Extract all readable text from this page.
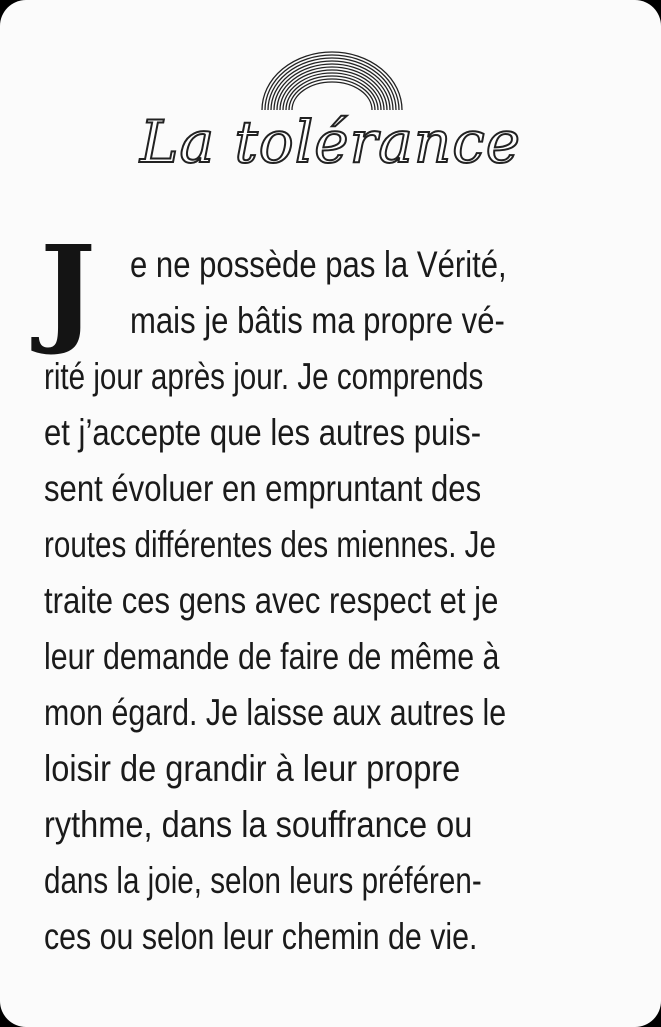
La tolérance
J e ne possède pas la Vérité,
mais je bâtis ma propre vé-
rité jour après jour. Je comprends
et j’accepte que les autres puis-
sent évoluer en empruntant des
routes différentes des miennes. Je
traite ces gens avec respect et je
leur demande de faire de même à
mon égard. Je laisse aux autres le
loisir de grandir à leur propre
rythme, dans la souffrance ou
dans la joie, selon leurs préféren-
ces ou selon leur chemin de vie.
